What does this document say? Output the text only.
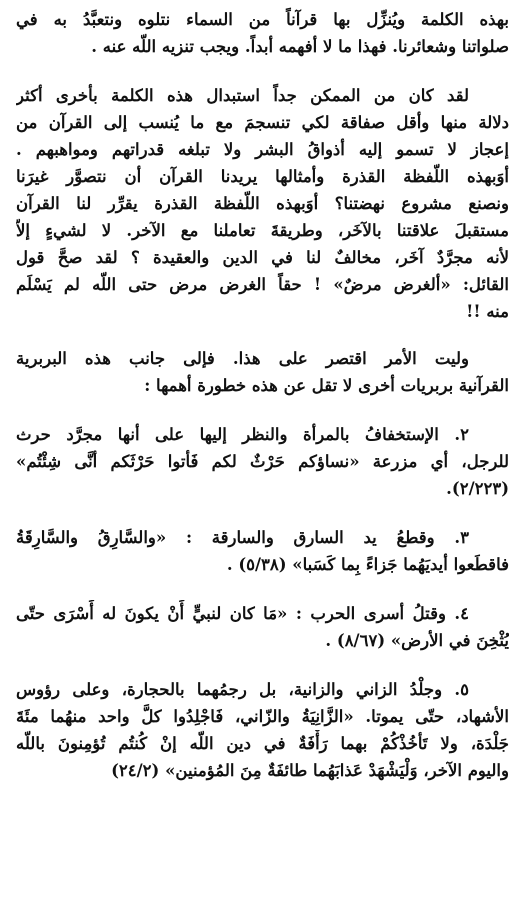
بهذه الكلمة ويُنزِّل بها قرآناً من السماء نتلوه ونتعبَّدُ به في
صلواتنا وشعائرنا. فهذا ما لا أفهمه أبداً. ويجب تنزيه اللّه عنه .
لقد كان من الممكن جداً استبدال هذه الكلمة بأخرى أكثر
دلالة منها وأقل صفاقة لكي تنسجمَ مع ما يُنسب إلى القرآن من
إعجاز لا تسمو إليه أذواقُ البشر ولا تبلغه قدراتهم ومواهبهم .
أوَبهذه اللّفظة القذرة وأمثالها يريدنا القرآن أن نتصوَّر غيرَنا
ونصنع مشروع نهضتنا؟ أوَبهذه اللّفظة القذرة يقرِّر لنا القرآن
مستقبلَ علاقتنا بالآخَر، وطريقةَ تعاملنا مع الآخر. لا لشيءٍ إلاّ
لأنه مجرَّدٌ آخَر، مخالفٌ لنا في الدين والعقيدة ؟ لقد صحَّ قول
القائل: «ألغرض مرضٌ» ! حقاً الغرض مرض حتى اللّه لم يَسْلَم
منه !!
وليت الأمر اقتصر على هذا. فإلى جانب هذه البربرية
القرآنية بربريات أخرى لا تقل عن هذه خطورة أهمها :
٢. الإستخفافُ بالمرأة والنظر إليها على أنها مجرَّد حرث
للرجل، أي مزرعة «نساؤكم حَرْثٌ لكم فَأتوا حَرْثَكم أنَّى شِئْتُم»
(٢/٢٢٣).
٣. وقطعُ يد السارق والسارقة : «والسَّارِقُ والسَّارِقَةُ
فاقطَعوا أيديَهُما جَزاءً بِما كَسَبا» (٥/٣٨) .
٤. وقتلُ أسرى الحرب : «مَا كان لنبيٍّ أَنْ يكونَ له أَسْرَى حتّى
يُثْخِنَ في الأرض» (٨/٦٧) .
٥. وجلْدُ الزاني والزانية، بل رجمُهما بالحجارة، وعلى رؤوس
الأشهاد، حتّى يموتا. «الزَّانِيَةُ والزّاني، فَاجْلِدُوا كلَّ واحد منهُما مئَةَ
جَلْدَة، ولا تَأخُذْكُمْ بهما رَأْفَةٌ في دين اللّه إنْ كُنتُم تُؤمِنونَ باللّه
واليوم الآخر، وَلْيَشْهَدْ عَذابَهُما طائفَةٌ مِنَ المُؤمنين» (٢٤/٢)
